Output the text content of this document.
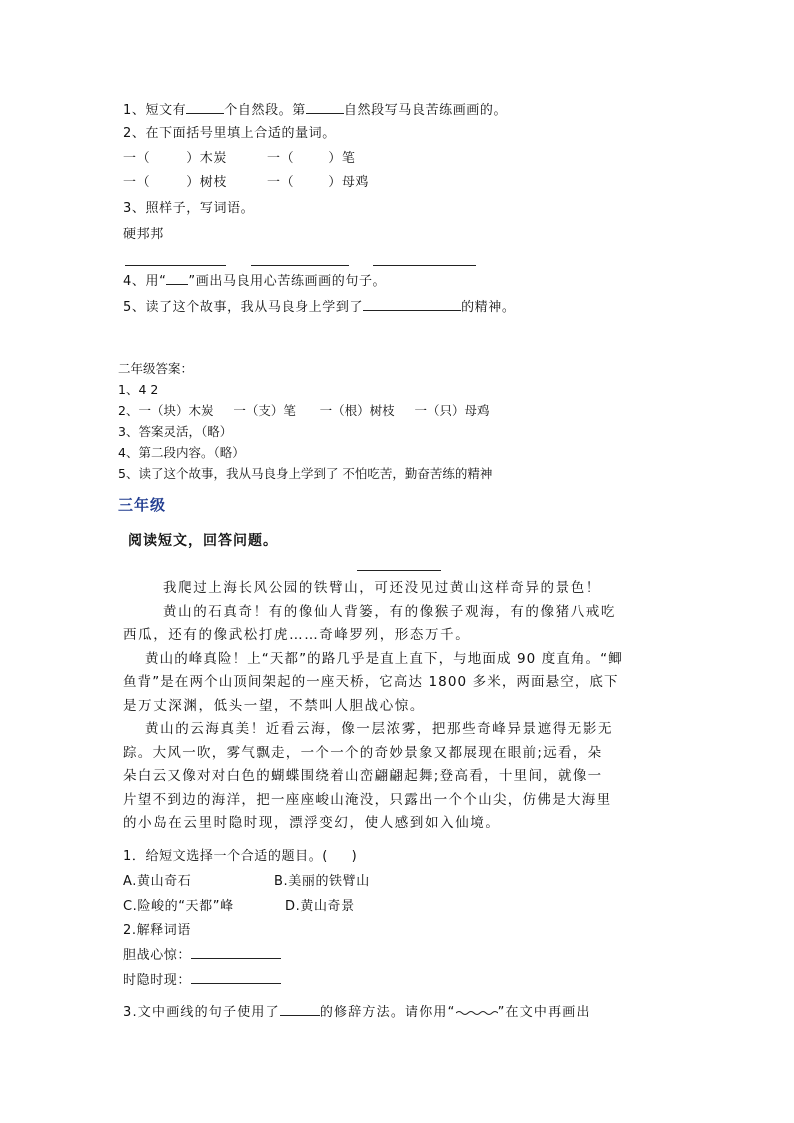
1、短文有	个自然段。第	自然段写马良苦练画画的。
2、在下面括号里填上合适的量词。
一（	）木炭	一（	）笔
一（	）树枝	一（	）母鸡
3、照样子，写词语。
硬邦邦
4、用“ ”画出马良用心苦练画画的句子。
5、读了这个故事，我从马良身上学到了	的精神。
二年级答案：
1、4 2
2、一（块）木炭     一（支）笔      一（根）树枝     一（只）母鸡
3、答案灵活，（略）
4、第二段内容。（略）
5、读了这个故事，我从马良身上学到了 不怕吃苦，勤奋苦练的精神
三年级
阅读短文，回答问题。
我爬过上海长风公园的铁臂山，可还没见过黄山这样奇异的景色！
黄山的石真奇！有的像仙人背篓，有的像猴子观海，有的像猪八戒吃
西瓜，还有的像武松打虎……奇峰罗列，形态万千。
黄山的峰真险！上“天都”的路几乎是直上直下，与地面成 90 度直角。“鲫
鱼背”是在两个山顶间架起的一座天桥，它高达 1800 多米，两面悬空，底下
是万丈深渊，低头一望，不禁叫人胆战心惊。
黄山的云海真美！近看云海，像一层浓雾，把那些奇峰异景遮得无影无
踪。大风一吹，雾气飘走，一个一个的奇妙景象又都展现在眼前;远看，朵
朵白云又像对对白色的蝴蝶围绕着山峦翩翩起舞;登高看，十里间，就像一
片望不到边的海洋，把一座座峻山淹没，只露出一个个山尖，仿佛是大海里
的小岛在云里时隐时现，漂浮变幻，使人感到如入仙境。
1．给短文选择一个合适的题目。(     )
A.黄山奇石	B.美丽的铁臂山
C.险峻的“天都”峰	D.黄山奇景
2.解释词语
胆战心惊：
时隐时现：
3.文中画线的句子使用了	的修辞方法。请你用“	”在文中再画出
